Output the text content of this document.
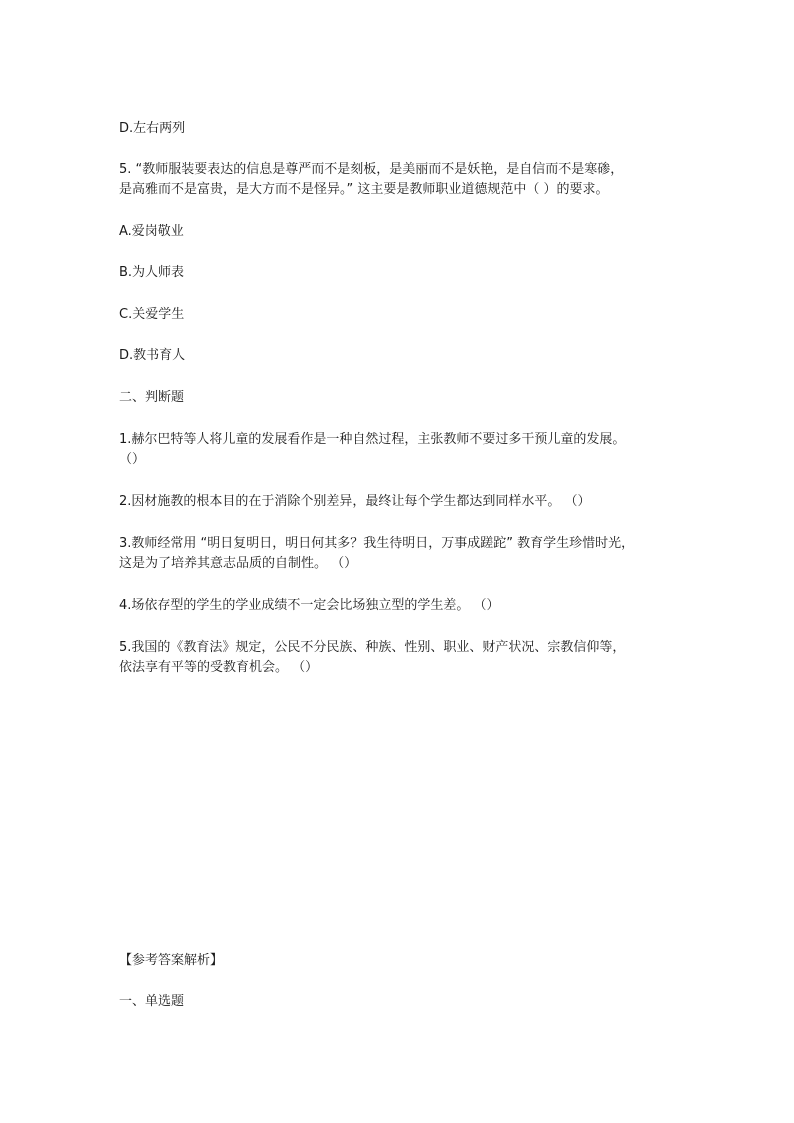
D.左右两列
5. “教师服装要表达的信息是尊严而不是刻板，是美丽而不是妖艳，是自信而不是寒碜，
是高雅而不是富贵，是大方而不是怪异。” 这主要是教师职业道德规范中（ ）的要求。
A.爱岗敬业
B.为人师表
C.关爱学生
D.教书育人
二、判断题
1.赫尔巴特等人将儿童的发展看作是一种自然过程，主张教师不要过多干预儿童的发展。
（）
2.因材施教的根本目的在于消除个别差异，最终让每个学生都达到同样水平。 （）
3.教师经常用 “明日复明日，明日何其多？我生待明日，万事成蹉跎” 教育学生珍惜时光，
这是为了培养其意志品质的自制性。 （）
4.场依存型的学生的学业成绩不一定会比场独立型的学生差。 （）
5.我国的《教育法》规定，公民不分民族、种族、性别、职业、财产状况、宗教信仰等，
依法享有平等的受教育机会。 （）
【参考答案解析】
一、单选题
